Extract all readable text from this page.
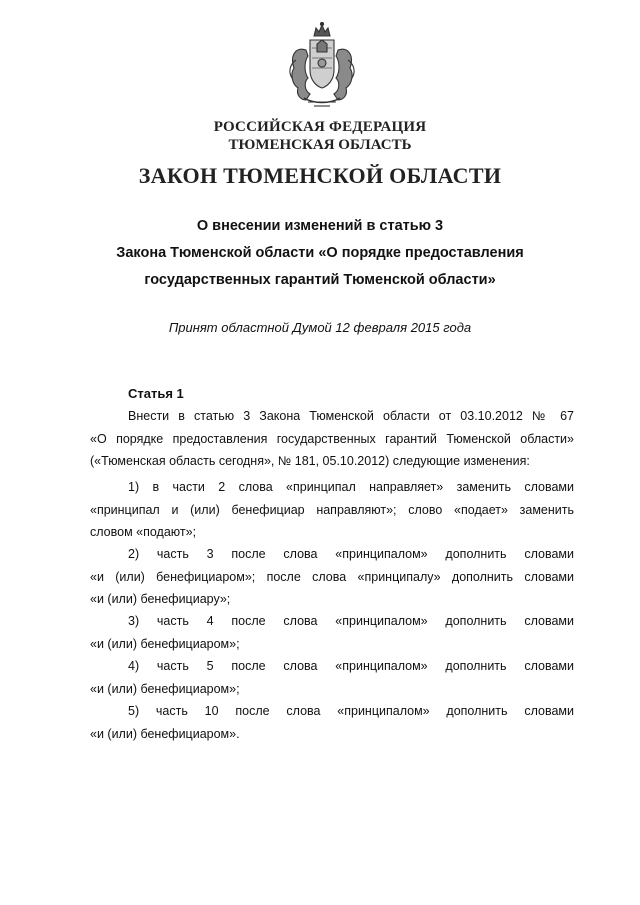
РОССИЙСКАЯ ФЕДЕРАЦИЯ
ТЮМЕНСКАЯ ОБЛАСТЬ
ЗАКОН ТЮМЕНСКОЙ ОБЛАСТИ
О внесении изменений в статью 3
Закона Тюменской области «О порядке предоставления
государственных гарантий Тюменской области»
Принят областной Думой 12 февраля 2015 года
Статья 1
Внести в статью 3 Закона Тюменской области от 03.10.2012 № 67
«О порядке предоставления государственных гарантий Тюменской области»
(«Тюменская область сегодня», № 181, 05.10.2012) следующие изменения:
1) в части 2 слова «принципал направляет» заменить словами
«принципал и (или) бенефициар направляют»; слово «подает» заменить
словом «подают»;
2) часть 3 после слова «принципалом» дополнить словами
«и (или) бенефициаром»; после слова «принципалу» дополнить словами
«и (или) бенефициару»;
3) часть 4 после слова «принципалом» дополнить словами
«и (или) бенефициаром»;
4) часть 5 после слова «принципалом» дополнить словами
«и (или) бенефициаром»;
5) часть 10 после слова «принципалом» дополнить словами
«и (или) бенефициаром».
